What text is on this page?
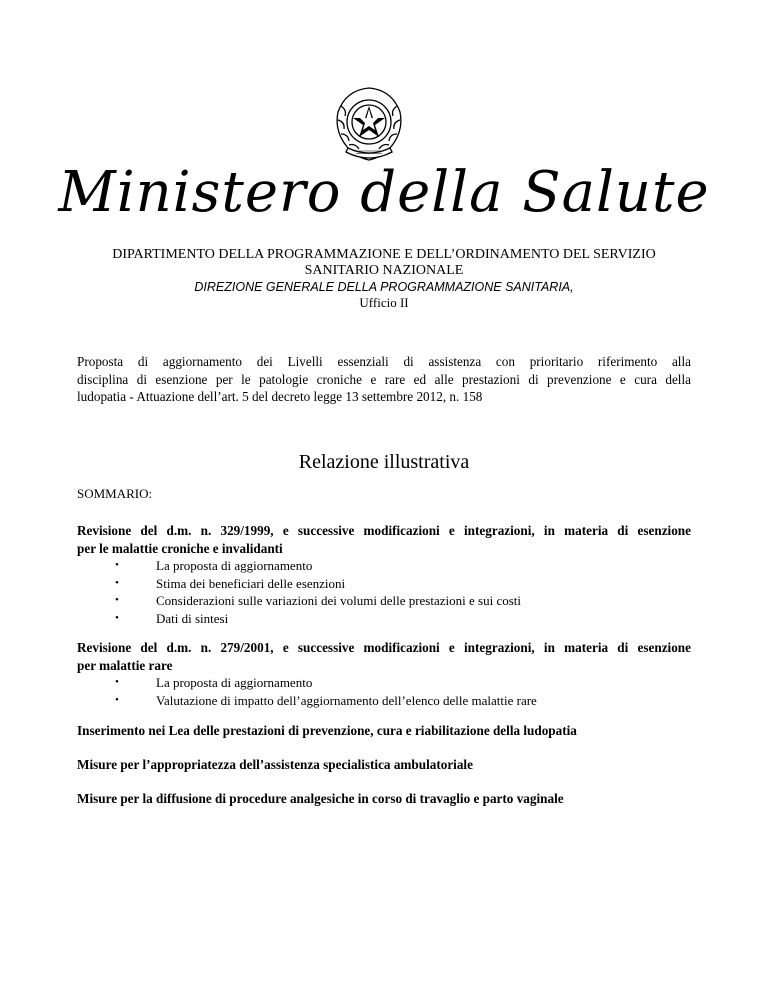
Ministero della Salute
DIPARTIMENTO DELLA PROGRAMMAZIONE E DELL’ORDINAMENTO DEL SERVIZIO
SANITARIO NAZIONALE
DIREZIONE GENERALE DELLA PROGRAMMAZIONE SANITARIA,
Ufficio II
Proposta di aggiornamento dei Livelli essenziali di assistenza con prioritario riferimento alla
disciplina di esenzione per le patologie croniche e rare ed alle prestazioni di prevenzione e cura della
ludopatia - Attuazione dell’art. 5 del decreto legge 13 settembre 2012, n. 158
Relazione illustrativa
SOMMARIO:
Revisione del d.m. n. 329/1999, e successive modificazioni e integrazioni, in materia di esenzione
per le malattie croniche e invalidanti
•	La proposta di aggiornamento
•	Stima dei beneficiari delle esenzioni
•	Considerazioni sulle variazioni dei volumi delle prestazioni e sui costi
•	Dati di sintesi
Revisione del d.m. n. 279/2001, e successive modificazioni e integrazioni, in materia di esenzione
per malattie rare
•	La proposta di aggiornamento
•	Valutazione di impatto dell’aggiornamento dell’elenco delle malattie rare
Inserimento nei Lea delle prestazioni di prevenzione, cura e riabilitazione della ludopatia
Misure per l’appropriatezza dell’assistenza specialistica ambulatoriale
Misure per la diffusione di procedure analgesiche in corso di travaglio e parto vaginale
